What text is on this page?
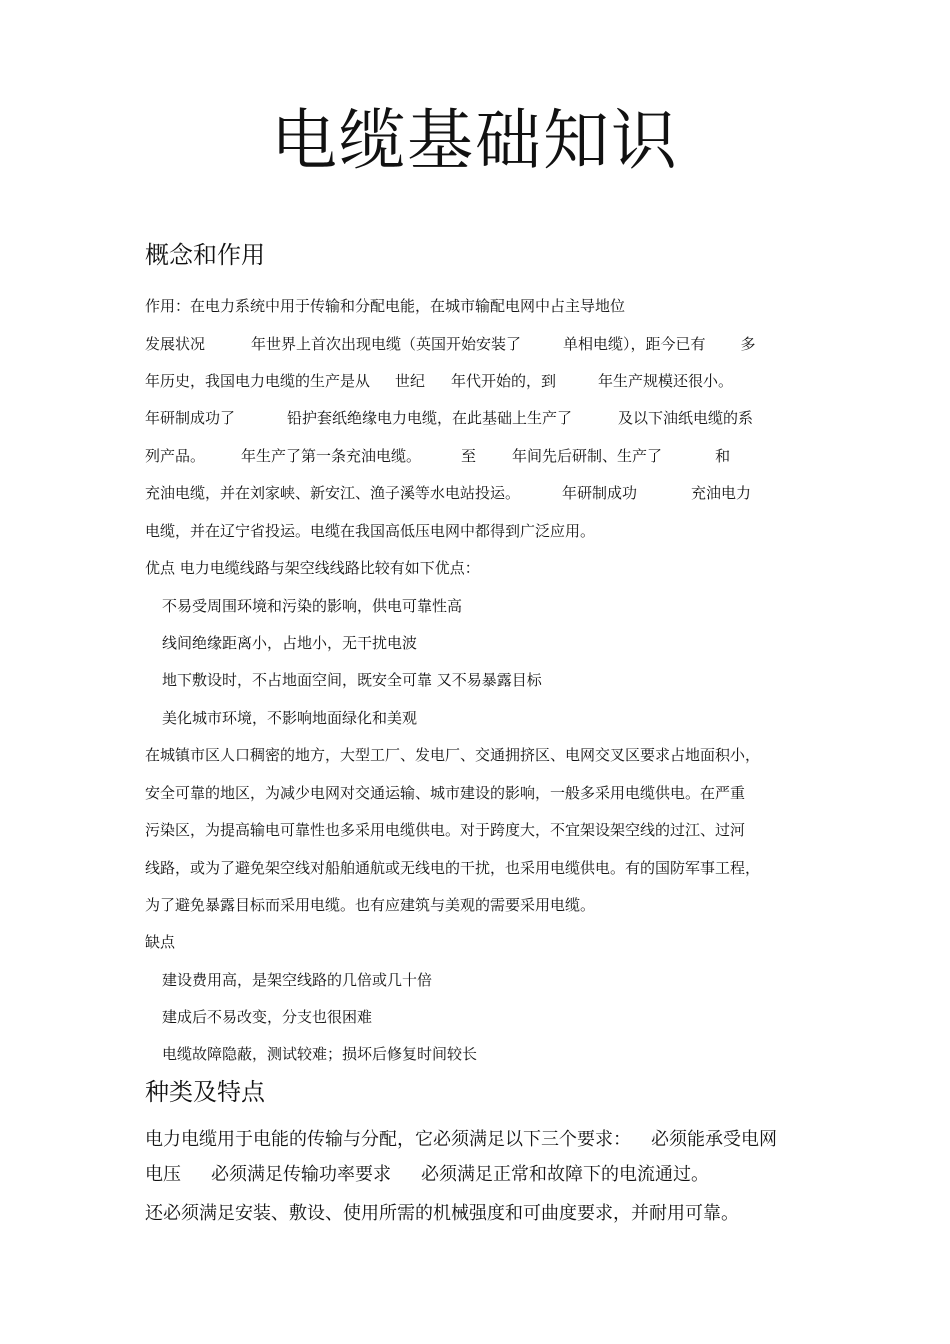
电缆基础知识
概念和作用
作用：在电力系统中用于传输和分配电能，在城市输配电网中占主导地位
发展状况	年世界上首次出现电缆（英国开始安装了	单相电缆），距今已有 多
年历史，我国电力电缆的生产是从 世纪 年代开始的，到	年生产规模还很小。
年研制成功了	铅护套纸绝缘电力电缆，在此基础上生产了	及以下油纸电缆的系
列产品。 年生产了第一条充油电缆。	至 年间先后研制、生产了	和
充油电缆，并在刘家峡、新安江、渔子溪等水电站投运。	年研制成功	充油电力
电缆，并在辽宁省投运。电缆在我国高低压电网中都得到广泛应用。
优点 电力电缆线路与架空线线路比较有如下优点：
不易受周围环境和污染的影响，供电可靠性高
线间绝缘距离小，占地小，无干扰电波
地下敷设时，不占地面空间，既安全可靠 又不易暴露目标
美化城市环境，不影响地面绿化和美观
在城镇市区人口稠密的地方，大型工厂、发电厂、交通拥挤区、电网交叉区要求占地面积小，
安全可靠的地区，为减少电网对交通运输、城市建设的影响，一般多采用电缆供电。在严重
污染区，为提高输电可靠性也多采用电缆供电。对于跨度大，不宜架设架空线的过江、过河
线路，或为了避免架空线对船舶通航或无线电的干扰，也采用电缆供电。有的国防军事工程，
为了避免暴露目标而采用电缆。也有应建筑与美观的需要采用电缆。
缺点
建设费用高，是架空线路的几倍或几十倍
建成后不易改变，分支也很困难
电缆故障隐蔽，测试较难；损坏后修复时间较长
种类及特点
电力电缆用于电能的传输与分配，它必须满足以下三个要求： 必须能承受电网
电压 必须满足传输功率要求 必须满足正常和故障下的电流通过。
还必须满足安装、敷设、使用所需的机械强度和可曲度要求，并耐用可靠。
